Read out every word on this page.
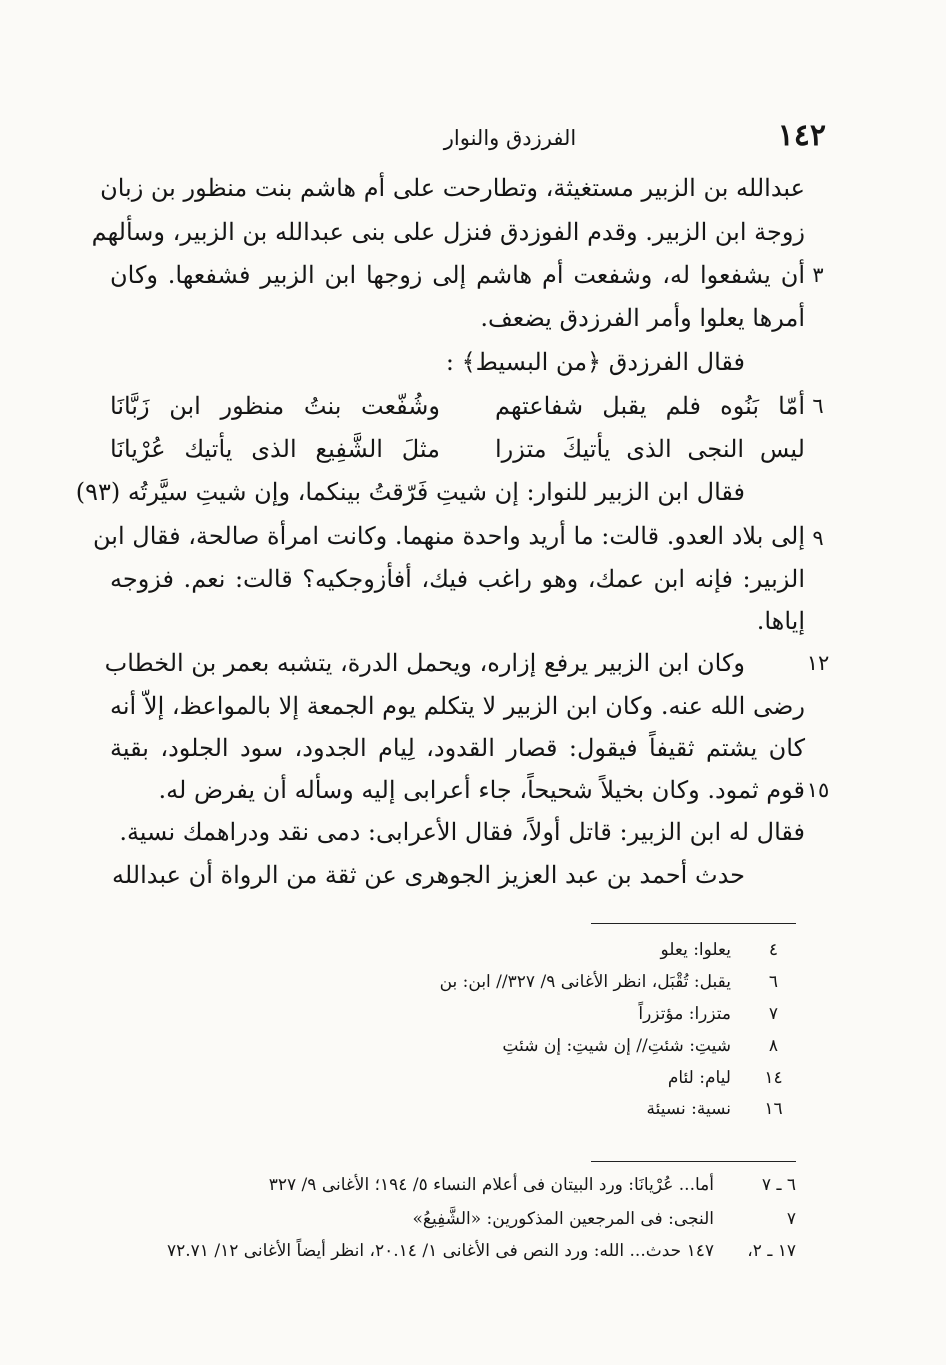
١٤٢
الفرزدق والنوار
عبدالله بن الزبير مستغيثة، وتطارحت على أم هاشم بنت منظور بن زبان
زوجة ابن الزبير. وقدم الفوزدق فنزل على بنى عبدالله بن الزبير، وسألهم
أن يشفعوا له، وشفعت أم هاشم إلى زوجها ابن الزبير فشفعها. وكان
أمرها يعلوا وأمر الفرزدق يضعف.
فقال الفرزدق ﴿من البسيط﴾ :
أمّا بَنُوه فلم يقبل شفاعتهم
وشُفّعت بنتُ منظور ابن زَبَّانَا
ليس النجى الذى يأتيكَ متزرا
مثلَ الشَّفِيع الذى يأتيك عُرْيانَا
فقال ابن الزبير للنوار: إن شيتِ فَرّقتُ بينكما، وإن شيتِ سيَّرتُه (٩٣)
إلى بلاد العدو. قالت: ما أريد واحدة منهما. وكانت امرأة صالحة، فقال ابن
الزبير: فإنه ابن عمك، وهو راغب فيك، أفأزوجكيه؟ قالت: نعم. فزوجه
إياها.
وكان ابن الزبير يرفع إزاره، ويحمل الدرة، يتشبه بعمر بن الخطاب
رضى الله عنه. وكان ابن الزبير لا يتكلم يوم الجمعة إلا بالمواعظ، إلاّ أنه
كان يشتم ثقيفاً فيقول: قصار القدود، لِيام الجدود، سود الجلود، بقية
قوم ثمود. وكان بخيلاً شحيحاً، جاء أعرابى إليه وسأله أن يفرض له.
فقال له ابن الزبير: قاتل أولاً، فقال الأعرابى: دمى نقد ودراهمك نسية.
حدث أحمد بن عبد العزيز الجوهرى عن ثقة من الرواة أن عبدالله
٣
٦
٩
١٢
١٥
٤يعلوا: يعلو
٦يقبل: تُقْبَل، انظر الأغانى ٩/ ٣٢٧// ابن: بن
٧متزرا: مؤتزراً
٨شيتِ: شئتِ// إن شيتِ: إن شئتِ
١٤ليام: لئام
١٦نسية: نسيئة
٦ ـ ٧أما... عُرْيانَا: ورد البيتان فى أعلام النساء ٥/ ١٩٤؛ الأغانى ٩/ ٣٢٧
٧النجى: فى المرجعين المذكورين: «الشَّفِيعُ»
١٧ ـ ٢،١٤٧ حدث... الله: ورد النص فى الأغانى ١/ ٢٠.١٤، انظر أيضاً الأغانى ١٢/ ٧٢.٧١
